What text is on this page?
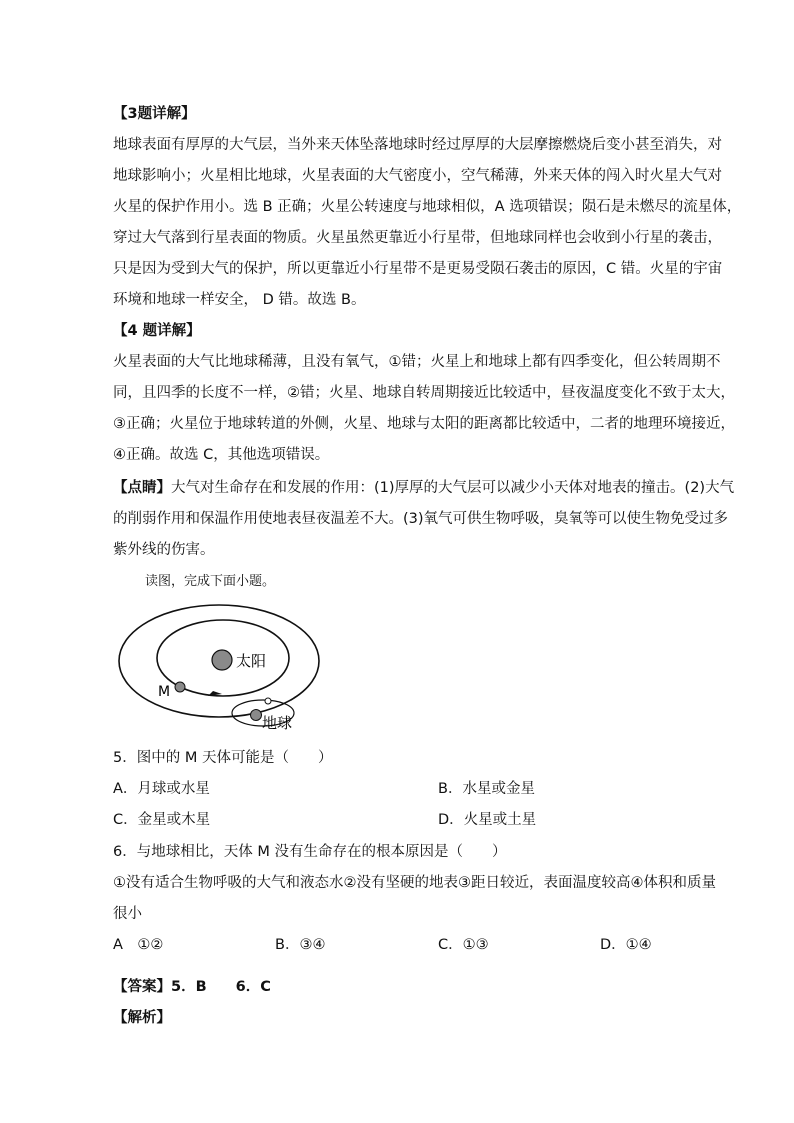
【3题详解】
地球表面有厚厚的大气层，当外来天体坠落地球时经过厚厚的大层摩擦燃烧后变小甚至消失，对
地球影响小；火星相比地球，火星表面的大气密度小，空气稀薄，外来天体的闯入时火星大气对
火星的保护作用小。选 B 正确；火星公转速度与地球相似，A 选项错误；陨石是未燃尽的流星体，
穿过大气落到行星表面的物质。火星虽然更靠近小行星带，但地球同样也会收到小行星的袭击，
只是因为受到大气的保护，所以更靠近小行星带不是更易受陨石袭击的原因，C 错。火星的宇宙
环境和地球一样安全， D 错。故选 B。
【4 题详解】
火星表面的大气比地球稀薄，且没有氧气，①错；火星上和地球上都有四季变化，但公转周期不
同，且四季的长度不一样，②错；火星、地球自转周期接近比较适中，昼夜温度变化不致于太大，
③正确；火星位于地球转道的外侧，火星、地球与太阳的距离都比较适中，二者的地理环境接近，
④正确。故选 C，其他选项错误。
【点睛】大气对生命存在和发展的作用：(1)厚厚的大气层可以减少小天体对地表的撞击。(2)大气
的削弱作用和保温作用使地表昼夜温差不大。(3)氧气可供生物呼吸，臭氧等可以使生物免受过多
紫外线的伤害。
读图，完成下面小题。
太阳
M
地球
5．图中的 M 天体可能是（　　）
A．月球或水星	B．水星或金星
C．金星或木星	D．火星或土星
6．与地球相比，天体 M 没有生命存在的根本原因是（　　）
①没有适合生物呼吸的大气和液态水②没有坚硬的地表③距日较近，表面温度较高④体积和质量
很小
A　①②	B．③④	C．①③	D．①④
【答案】5．B　　6．C
【解析】
